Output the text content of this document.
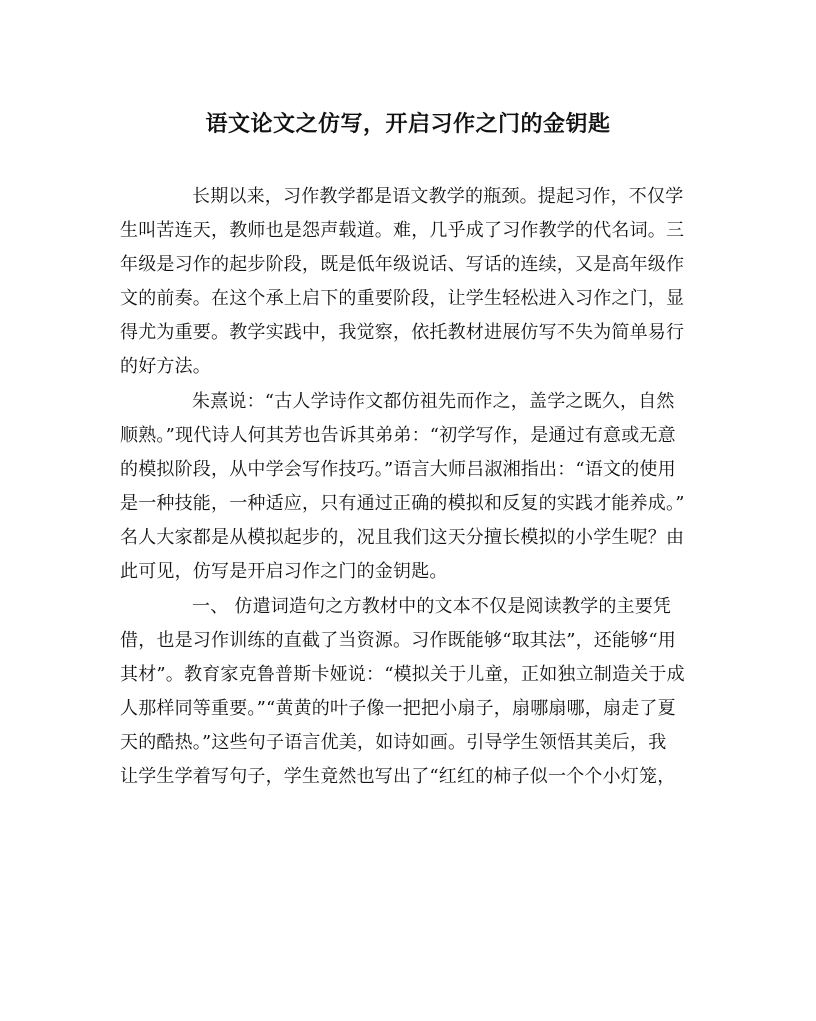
语文论文之仿写，开启习作之门的金钥匙
长期以来，习作教学都是语文教学的瓶颈。提起习作，不仅学
生叫苦连天，教师也是怨声载道。难，几乎成了习作教学的代名词。三
年级是习作的起步阶段，既是低年级说话、写话的连续，又是高年级作
文的前奏。在这个承上启下的重要阶段，让学生轻松进入习作之门，显
得尤为重要。教学实践中，我觉察，依托教材进展仿写不失为简单易行
的好方法。
朱熹说：“古人学诗作文都仿祖先而作之，盖学之既久，自然
顺熟。”现代诗人何其芳也告诉其弟弟：“初学写作，是通过有意或无意
的模拟阶段，从中学会写作技巧。”语言大师吕淑湘指出：“语文的使用
是一种技能，一种适应，只有通过正确的模拟和反复的实践才能养成。”
名人大家都是从模拟起步的，况且我们这天分擅长模拟的小学生呢？由
此可见，仿写是开启习作之门的金钥匙。
一、 仿遣词造句之方教材中的文本不仅是阅读教学的主要凭
借，也是习作训练的直截了当资源。习作既能够“取其法”，还能够“用
其材”。教育家克鲁普斯卡娅说：“模拟关于儿童，正如独立制造关于成
人那样同等重要。”“黄黄的叶子像一把把小扇子，扇哪扇哪，扇走了夏
天的酷热。”这些句子语言优美，如诗如画。引导学生领悟其美后，我
让学生学着写句子，学生竟然也写出了“红红的柿子似一个个小灯笼，
